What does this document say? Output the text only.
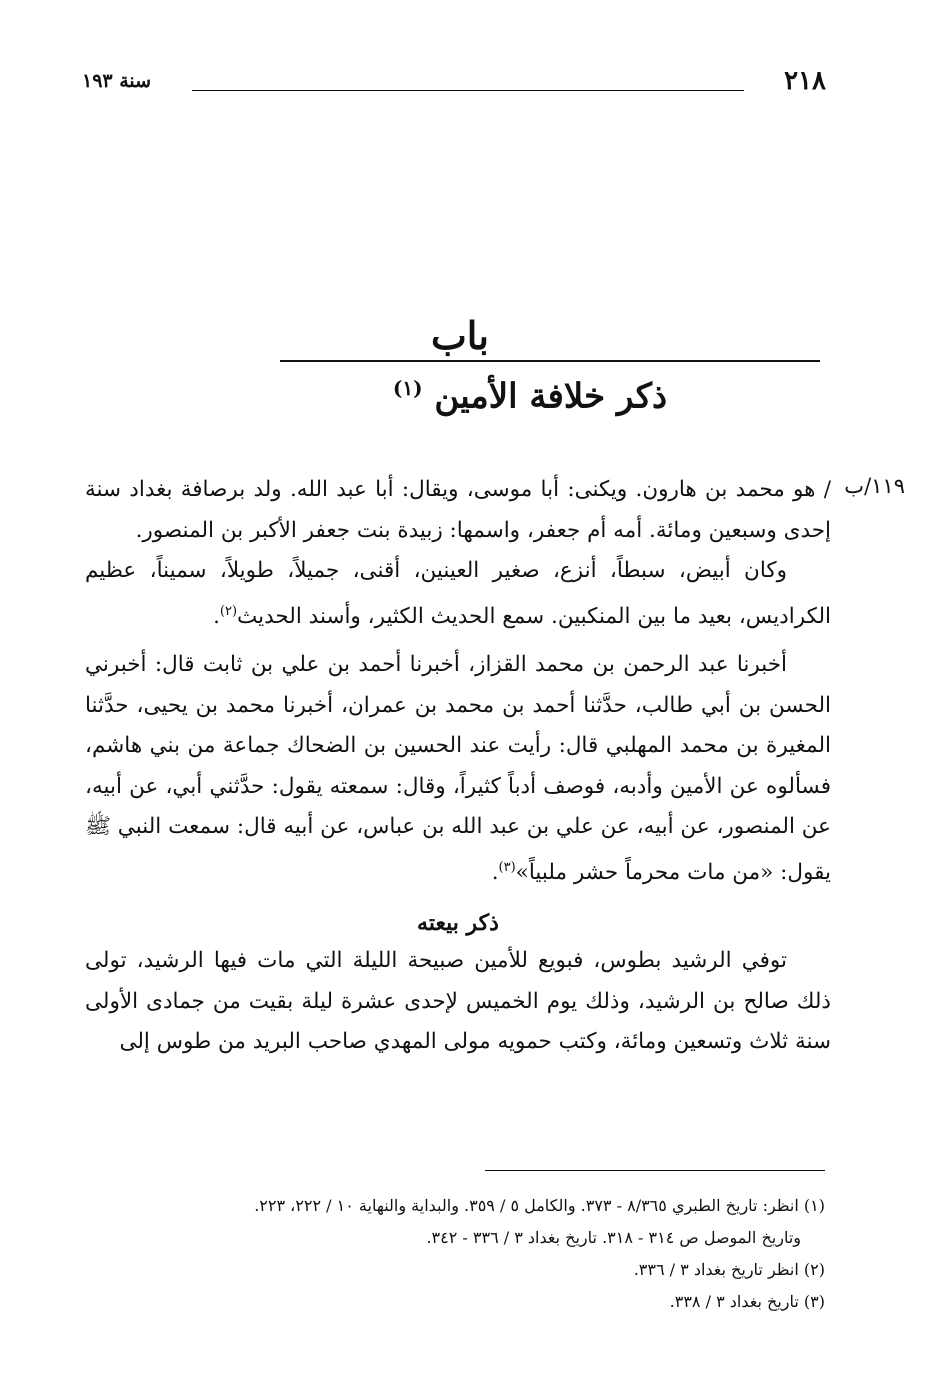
٢١٨
سنة ١٩٣
باب
ذكر خلافة الأمين $^{(١)}$
١١٩/ب

/ هو محمد بن هارون. ويكنى: أبا موسى، ويقال: أبا عبد الله. ولد برصافة بغداد سنة إحدى وسبعين ومائة. أمه أم جعفر، واسمها: زبيدة بنت جعفر الأكبر بن المنصور.

وكان أبيض، سبطاً، أنزع، صغير العينين، أقنى، جميلاً، طويلاً، سميناً، عظيم الكراديس، بعيد ما بين المنكبين. سمع الحديث الكثير، وأسند الحديث$^{(٢)}$.

أخبرنا عبد الرحمن بن محمد القزاز، أخبرنا أحمد بن علي بن ثابت قال: أخبرني الحسن بن أبي طالب، حدَّثنا أحمد بن محمد بن عمران، أخبرنا محمد بن يحيى، حدَّثنا المغيرة بن محمد المهلبي قال: رأيت عند الحسين بن الضحاك جماعة من بني هاشم، فسألوه عن الأمين وأدبه، فوصف أدباً كثيراً، وقال: سمعته يقول: حدَّثني أبي، عن أبيه، عن المنصور، عن أبيه، عن علي بن عبد الله بن عباس، عن أبيه قال: سمعت النبي ﷺ يقول: «من مات محرماً حشر ملبياً»$^{(٣)}$.

ذكر بيعته

توفي الرشيد بطوس، فبويع للأمين صبيحة الليلة التي مات فيها الرشيد، تولى ذلك صالح بن الرشيد، وذلك يوم الخميس لإحدى عشرة ليلة بقيت من جمادى الأولى سنة ثلاث وتسعين ومائة، وكتب حمويه مولى المهدي صاحب البريد من طوس إلى

(١) انظر: تاريخ الطبري ٨/٣٦٥ - ٣٧٣. والكامل ٥ / ٣٥٩. والبداية والنهاية ١٠ / ٢٢٢، ٢٢٣.

وتاريخ الموصل ص ٣١٤ - ٣١٨. تاريخ بغداد ٣ / ٣٣٦ - ٣٤٢.

(٢) انظر تاريخ بغداد ٣ / ٣٣٦.

(٣) تاريخ بغداد ٣ / ٣٣٨.
